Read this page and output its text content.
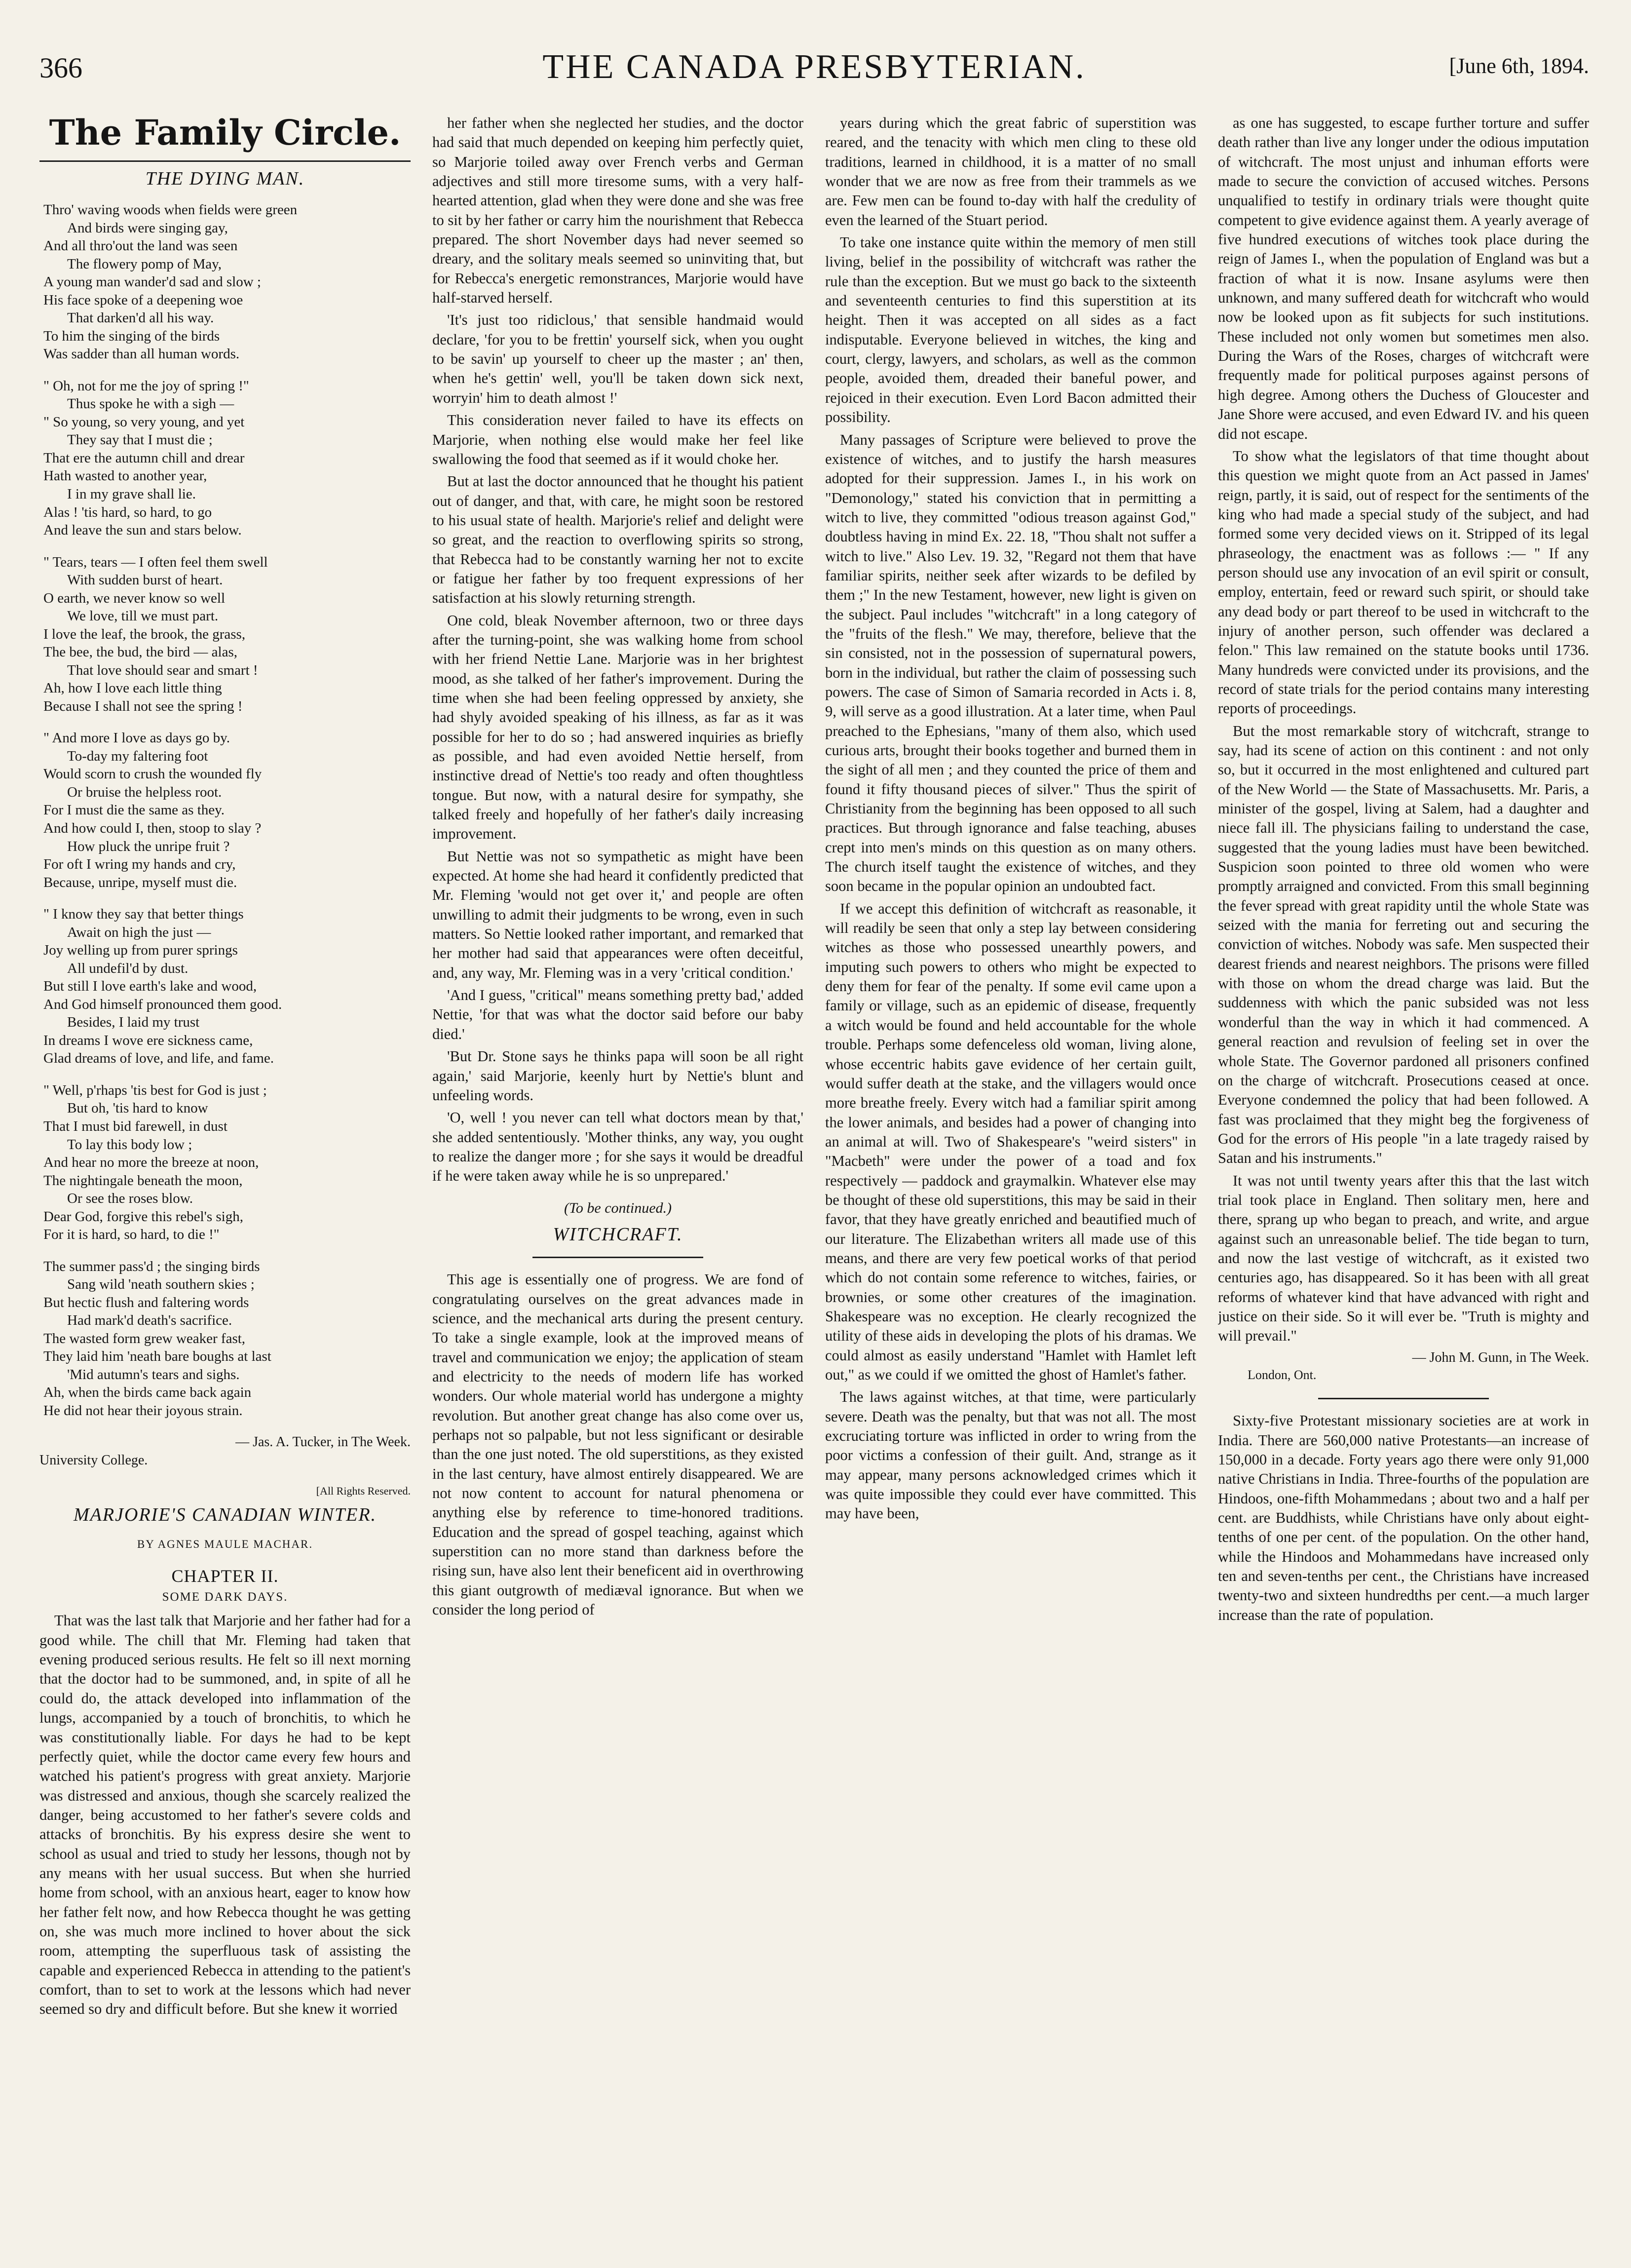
366	THE CANADA PRESBYTERIAN.	[June 6th, 1894.
The Family Circle.
THE DYING MAN.
Thro' waving woods when fields were green
And birds were singing gay,
And all thro'out the land was seen
The flowery pomp of May,
A young man wander'd sad and slow ;
His face spoke of a deepening woe
That darken'd all his way.
To him the singing of the birds
Was sadder than all human words.
" Oh, not for me the joy of spring !"
Thus spoke he with a sigh —
" So young, so very young, and yet
They say that I must die ;
That ere the autumn chill and drear
Hath wasted to another year,
I in my grave shall lie.
Alas ! 'tis hard, so hard, to go
And leave the sun and stars below.
" Tears, tears — I often feel them swell
With sudden burst of heart.
O earth, we never know so well
We love, till we must part.
I love the leaf, the brook, the grass,
The bee, the bud, the bird — alas,
That love should sear and smart !
Ah, how I love each little thing
Because I shall not see the spring !
" And more I love as days go by.
To-day my faltering foot
Would scorn to crush the wounded fly
Or bruise the helpless root.
For I must die the same as they.
And how could I, then, stoop to slay ?
How pluck the unripe fruit ?
For oft I wring my hands and cry,
Because, unripe, myself must die.
" I know they say that better things
Await on high the just —
Joy welling up from purer springs
All undefil'd by dust.
But still I love earth's lake and wood,
And God himself pronounced them good.
Besides, I laid my trust
In dreams I wove ere sickness came,
Glad dreams of love, and life, and fame.
" Well, p'rhaps 'tis best for God is just ;
But oh, 'tis hard to know
That I must bid farewell, in dust
To lay this body low ;
And hear no more the breeze at noon,
The nightingale beneath the moon,
Or see the roses blow.
Dear God, forgive this rebel's sigh,
For it is hard, so hard, to die !"
The summer pass'd ; the singing birds
Sang wild 'neath southern skies ;
But hectic flush and faltering words
Had mark'd death's sacrifice.
The wasted form grew weaker fast,
They laid him 'neath bare boughs at last
'Mid autumn's tears and sighs.
Ah, when the birds came back again
He did not hear their joyous strain.
— Jas. A. Tucker, in The Week.
University College.
[All Rights Reserved.
MARJORIE'S CANADIAN WINTER.
BY AGNES MAULE MACHAR.
CHAPTER II.
SOME DARK DAYS.

That was the last talk that Marjorie and her father had for a good while. The chill that Mr. Fleming had taken that evening produced serious results. He felt so ill next morning that the doctor had to be summoned, and, in spite of all he could do, the attack developed into inflammation of the lungs, accompanied by a touch of bronchitis, to which he was constitutionally liable. For days he had to be kept perfectly quiet, while the doctor came every few hours and watched his patient's progress with great anxiety. Marjorie was distressed and anxious, though she scarcely realized the danger, being accustomed to her father's severe colds and attacks of bronchitis. By his express desire she went to school as usual and tried to study her lessons, though not by any means with her usual success. But when she hurried home from school, with an anxious heart, eager to know how her father felt now, and how Rebecca thought he was getting on, she was much more inclined to hover about the sick room, attempting the superfluous task of assisting the capable and experienced Rebecca in attending to the patient's comfort, than to set to work at the lessons which had never seemed so dry and difficult before. But she knew it worried

her father when she neglected her studies, and the doctor had said that much depended on keeping him perfectly quiet, so Marjorie toiled away over French verbs and German adjectives and still more tiresome sums, with a very half-hearted attention, glad when they were done and she was free to sit by her father or carry him the nourishment that Rebecca prepared. The short November days had never seemed so dreary, and the solitary meals seemed so uninviting that, but for Rebecca's energetic remonstrances, Marjorie would have half-starved herself.

'It's just too ridiclous,' that sensible handmaid would declare, 'for you to be frettin' yourself sick, when you ought to be savin' up yourself to cheer up the master ; an' then, when he's gettin' well, you'll be taken down sick next, worryin' him to death almost !'

This consideration never failed to have its effects on Marjorie, when nothing else would make her feel like swallowing the food that seemed as if it would choke her.

But at last the doctor announced that he thought his patient out of danger, and that, with care, he might soon be restored to his usual state of health. Marjorie's relief and delight were so great, and the reaction to overflowing spirits so strong, that Rebecca had to be constantly warning her not to excite or fatigue her father by too frequent expressions of her satisfaction at his slowly returning strength.

One cold, bleak November afternoon, two or three days after the turning-point, she was walking home from school with her friend Nettie Lane. Marjorie was in her brightest mood, as she talked of her father's improvement. During the time when she had been feeling oppressed by anxiety, she had shyly avoided speaking of his illness, as far as it was possible for her to do so ; had answered inquiries as briefly as possible, and had even avoided Nettie herself, from instinctive dread of Nettie's too ready and often thoughtless tongue. But now, with a natural desire for sympathy, she talked freely and hopefully of her father's daily increasing improvement.

But Nettie was not so sympathetic as might have been expected. At home she had heard it confidently predicted that Mr. Fleming 'would not get over it,' and people are often unwilling to admit their judgments to be wrong, even in such matters. So Nettie looked rather important, and remarked that her mother had said that appearances were often deceitful, and, any way, Mr. Fleming was in a very 'critical condition.'

'And I guess, "critical" means something pretty bad,' added Nettie, 'for that was what the doctor said before our baby died.'

'But Dr. Stone says he thinks papa will soon be all right again,' said Marjorie, keenly hurt by Nettie's blunt and unfeeling words.

'O, well ! you never can tell what doctors mean by that,' she added sententiously. 'Mother thinks, any way, you ought to realize the danger more ; for she says it would be dreadful if he were taken away while he is so unprepared.'

(To be continued.)
WITCHCRAFT.

This age is essentially one of progress. We are fond of congratulating ourselves on the great advances made in science, and the mechanical arts during the present century. To take a single example, look at the improved means of travel and communication we enjoy; the application of steam and electricity to the needs of modern life has worked wonders. Our whole material world has undergone a mighty revolution. But another great change has also come over us, perhaps not so palpable, but not less significant or desirable than the one just noted. The old superstitions, as they existed in the last century, have almost entirely disappeared. We are not now content to account for natural phenomena or anything else by reference to time-honored traditions. Education and the spread of gospel teaching, against which superstition can no more stand than darkness before the rising sun, have also lent their beneficent aid in overthrowing this giant outgrowth of mediæval ignorance. But when we consider the long period of

years during which the great fabric of superstition was reared, and the tenacity with which men cling to these old traditions, learned in childhood, it is a matter of no small wonder that we are now as free from their trammels as we are. Few men can be found to-day with half the credulity of even the learned of the Stuart period.

To take one instance quite within the memory of men still living, belief in the possibility of witchcraft was rather the rule than the exception. But we must go back to the sixteenth and seventeenth centuries to find this superstition at its height. Then it was accepted on all sides as a fact indisputable. Everyone believed in witches, the king and court, clergy, lawyers, and scholars, as well as the common people, avoided them, dreaded their baneful power, and rejoiced in their execution. Even Lord Bacon admitted their possibility.

Many passages of Scripture were believed to prove the existence of witches, and to justify the harsh measures adopted for their suppression. James I., in his work on "Demonology," stated his conviction that in permitting a witch to live, they committed "odious treason against God," doubtless having in mind Ex. 22. 18, "Thou shalt not suffer a witch to live." Also Lev. 19. 32, "Regard not them that have familiar spirits, neither seek after wizards to be defiled by them ;" In the new Testament, however, new light is given on the subject. Paul includes "witchcraft" in a long category of the "fruits of the flesh." We may, therefore, believe that the sin consisted, not in the possession of supernatural powers, born in the individual, but rather the claim of possessing such powers. The case of Simon of Samaria recorded in Acts i. 8, 9, will serve as a good illustration. At a later time, when Paul preached to the Ephesians, "many of them also, which used curious arts, brought their books together and burned them in the sight of all men ; and they counted the price of them and found it fifty thousand pieces of silver." Thus the spirit of Christianity from the beginning has been opposed to all such practices. But through ignorance and false teaching, abuses crept into men's minds on this question as on many others. The church itself taught the existence of witches, and they soon became in the popular opinion an undoubted fact.

If we accept this definition of witchcraft as reasonable, it will readily be seen that only a step lay between considering witches as those who possessed unearthly powers, and imputing such powers to others who might be expected to deny them for fear of the penalty. If some evil came upon a family or village, such as an epidemic of disease, frequently a witch would be found and held accountable for the whole trouble. Perhaps some defenceless old woman, living alone, whose eccentric habits gave evidence of her certain guilt, would suffer death at the stake, and the villagers would once more breathe freely. Every witch had a familiar spirit among the lower animals, and besides had a power of changing into an animal at will. Two of Shakespeare's "weird sisters" in "Macbeth" were under the power of a toad and fox respectively — paddock and graymalkin. Whatever else may be thought of these old superstitions, this may be said in their favor, that they have greatly enriched and beautified much of our literature. The Elizabethan writers all made use of this means, and there are very few poetical works of that period which do not contain some reference to witches, fairies, or brownies, or some other creatures of the imagination. Shakespeare was no exception. He clearly recognized the utility of these aids in developing the plots of his dramas. We could almost as easily understand "Hamlet with Hamlet left out," as we could if we omitted the ghost of Hamlet's father.

The laws against witches, at that time, were particularly severe. Death was the penalty, but that was not all. The most excruciating torture was inflicted in order to wring from the poor victims a confession of their guilt. And, strange as it may appear, many persons acknowledged crimes which it was quite impossible they could ever have committed. This may have been,

as one has suggested, to escape further torture and suffer death rather than live any longer under the odious imputation of witchcraft. The most unjust and inhuman efforts were made to secure the conviction of accused witches. Persons unqualified to testify in ordinary trials were thought quite competent to give evidence against them. A yearly average of five hundred executions of witches took place during the reign of James I., when the population of England was but a fraction of what it is now. Insane asylums were then unknown, and many suffered death for witchcraft who would now be looked upon as fit subjects for such institutions. These included not only women but sometimes men also. During the Wars of the Roses, charges of witchcraft were frequently made for political purposes against persons of high degree. Among others the Duchess of Gloucester and Jane Shore were accused, and even Edward IV. and his queen did not escape.

To show what the legislators of that time thought about this question we might quote from an Act passed in James' reign, partly, it is said, out of respect for the sentiments of the king who had made a special study of the subject, and had formed some very decided views on it. Stripped of its legal phraseology, the enactment was as follows :— " If any person should use any invocation of an evil spirit or consult, employ, entertain, feed or reward such spirit, or should take any dead body or part thereof to be used in witchcraft to the injury of another person, such offender was declared a felon." This law remained on the statute books until 1736. Many hundreds were convicted under its provisions, and the record of state trials for the period contains many interesting reports of proceedings.

But the most remarkable story of witchcraft, strange to say, had its scene of action on this continent : and not only so, but it occurred in the most enlightened and cultured part of the New World — the State of Massachusetts. Mr. Paris, a minister of the gospel, living at Salem, had a daughter and niece fall ill. The physicians failing to understand the case, suggested that the young ladies must have been bewitched. Suspicion soon pointed to three old women who were promptly arraigned and convicted. From this small beginning the fever spread with great rapidity until the whole State was seized with the mania for ferreting out and securing the conviction of witches. Nobody was safe. Men suspected their dearest friends and nearest neighbors. The prisons were filled with those on whom the dread charge was laid. But the suddenness with which the panic subsided was not less wonderful than the way in which it had commenced. A general reaction and revulsion of feeling set in over the whole State. The Governor pardoned all prisoners confined on the charge of witchcraft. Prosecutions ceased at once. Everyone condemned the policy that had been followed. A fast was proclaimed that they might beg the forgiveness of God for the errors of His people "in a late tragedy raised by Satan and his instruments."

It was not until twenty years after this that the last witch trial took place in England. Then solitary men, here and there, sprang up who began to preach, and write, and argue against such an unreasonable belief. The tide began to turn, and now the last vestige of witchcraft, as it existed two centuries ago, has disappeared. So it has been with all great reforms of whatever kind that have advanced with right and justice on their side. So it will ever be. "Truth is mighty and will prevail."

— John M. Gunn, in The Week.
London, Ont.

Sixty-five Protestant missionary societies are at work in India. There are 560,000 native Protestants—an increase of 150,000 in a decade. Forty years ago there were only 91,000 native Christians in India. Three-fourths of the population are Hindoos, one-fifth Mohammedans ; about two and a half per cent. are Buddhists, while Christians have only about eight-tenths of one per cent. of the population. On the other hand, while the Hindoos and Mohammedans have increased only ten and seven-tenths per cent., the Christians have increased twenty-two and sixteen hundredths per cent.—a much larger increase than the rate of population.
